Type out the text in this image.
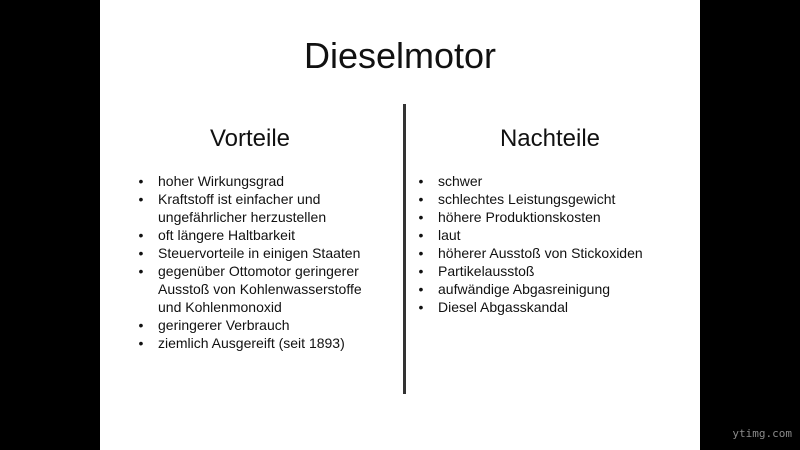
Dieselmotor
Vorteile	Nachteile
•	hoher Wirkungsgrad
•	Kraftstoff ist einfacher und ungefährlicher herzustellen
•	oft längere Haltbarkeit
•	Steuervorteile in einigen Staaten
•	gegenüber Ottomotor geringerer Ausstoß von Kohlenwasserstoffe und Kohlenmonoxid
•	geringerer Verbrauch
•	ziemlich Ausgereift (seit 1893)
•	schwer
•	schlechtes Leistungsgewicht
•	höhere Produktionskosten
•	laut
•	höherer Ausstoß von Stickoxiden
•	Partikelausstoß
•	aufwändige Abgasreinigung
•	Diesel Abgasskandal
ytimg.com
